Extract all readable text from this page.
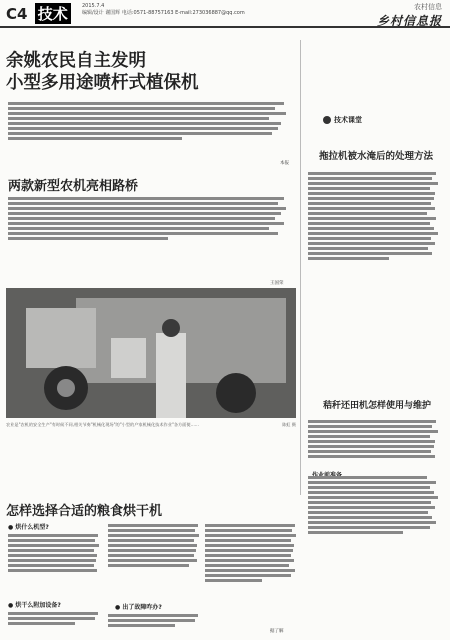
C4 技术	2015.7.4
编辑/设计 谢国辉 电话:0571-88757163 E-mail:273036887@qq.com
农村信息
乡村信息报
余姚农民自主发明
小型多用途喷杆式植保机
本报
两款新型农机亮相路桥
王国荣
农业是"农机的安全生产"有时候不同,相关节奏"机械化现场"的"小型的户家机械化技术作业"各方面使……	陈虹 摄
怎样选择合适的粮食烘干机
● 烘什么机型?
● 烘干么附加设备?	● 出了故障咋办?
据了解
技术课堂
拖拉机被水淹后的处理方法
秸秆还田机怎样使用与维护
